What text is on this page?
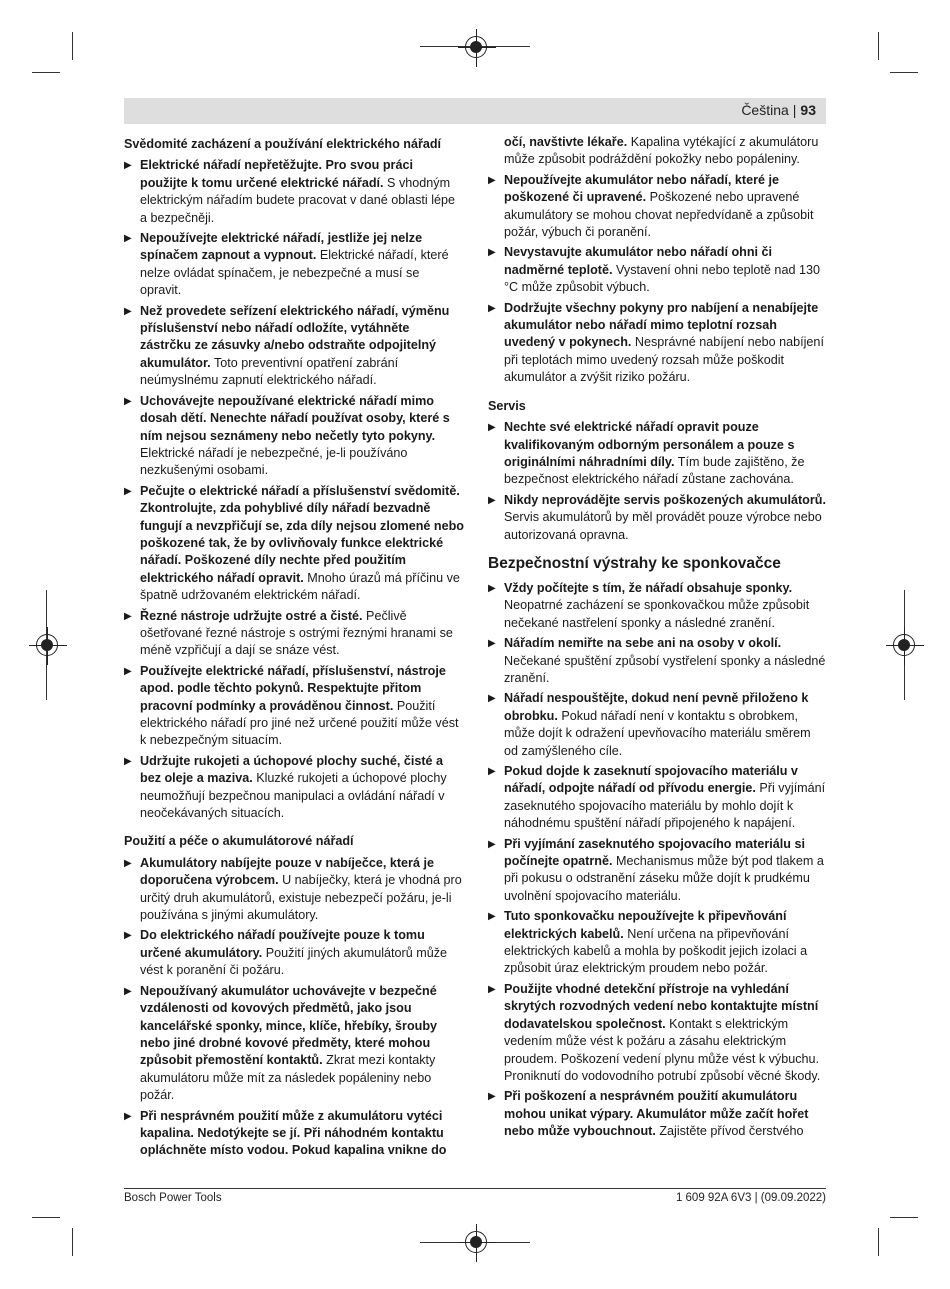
Čeština | 93
Svědomité zacházení a používání elektrického nářadí
▶ Elektrické nářadí nepřetěžujte. Pro svou práci použijte k tomu určené elektrické nářadí. S vhodným elektrickým nářadím budete pracovat v dané oblasti lépe a bezpečněji.
▶ Nepoužívejte elektrické nářadí, jestliže jej nelze spínačem zapnout a vypnout. Elektrické nářadí, které nelze ovládat spínačem, je nebezpečné a musí se opravit.
▶ Než provedete seřízení elektrického nářadí, výměnu příslušenství nebo nářadí odložíte, vytáhněte zástrčku ze zásuvky a/nebo odstraňte odpojitelný akumulátor. Toto preventivní opatření zabrání neúmyslnému zapnutí elektrického nářadí.
▶ Uchovávejte nepoužívané elektrické nářadí mimo dosah dětí. Nenechte nářadí používat osoby, které s ním nejsou seznámeny nebo nečetly tyto pokyny. Elektrické nářadí je nebezpečné, je-li používáno nezkušenými osobami.
▶ Pečujte o elektrické nářadí a příslušenství svědomitě. Zkontrolujte, zda pohyblivé díly nářadí bezvadně fungují a nevzpřičují se, zda díly nejsou zlomené nebo poškozené tak, že by ovlivňovaly funkce elektrické nářadí. Poškozené díly nechte před použitím elektrického nářadí opravit. Mnoho úrazů má příčinu ve špatně udržovaném elektrickém nářadí.
▶ Řezné nástroje udržujte ostré a čisté. Pečlivě ošetřované řezné nástroje s ostrými řeznými hranami se méně vzpřičují a dají se snáze vést.
▶ Používejte elektrické nářadí, příslušenství, nástroje apod. podle těchto pokynů. Respektujte přitom pracovní podmínky a prováděnou činnost. Použití elektrického nářadí pro jiné než určené použití může vést k nebezpečným situacím.
▶ Udržujte rukojeti a úchopové plochy suché, čisté a bez oleje a maziva. Kluzké rukojeti a úchopové plochy neumožňují bezpečnou manipulaci a ovládání nářadí v neočekávaných situacích.
Použití a péče o akumulátorové nářadí
▶ Akumulátory nabíjejte pouze v nabíječce, která je doporučena výrobcem. U nabíječky, která je vhodná pro určitý druh akumulátorů, existuje nebezpečí požáru, je-li používána s jinými akumulátory.
▶ Do elektrického nářadí používejte pouze k tomu určené akumulátory. Použití jiných akumulátorů může vést k poranění či požáru.
▶ Nepoužívaný akumulátor uchovávejte v bezpečné vzdálenosti od kovových předmětů, jako jsou kancelářské sponky, mince, klíče, hřebíky, šrouby nebo jiné drobné kovové předměty, které mohou způsobit přemostění kontaktů. Zkrat mezi kontakty akumulátoru může mít za následek popáleniny nebo požár.
▶ Při nesprávném použití může z akumulátoru vytéci kapalina. Nedotýkejte se jí. Při náhodném kontaktu opláchněte místo vodou. Pokud kapalina vnikne do
očí, navštivte lékaře. Kapalina vytékající z akumulátoru může způsobit podráždění pokožky nebo popáleniny.
▶ Nepoužívejte akumulátor nebo nářadí, které je poškozené či upravené. Poškozené nebo upravené akumulátory se mohou chovat nepředvídaně a způsobit požár, výbuch či poranění.
▶ Nevystavujte akumulátor nebo nářadí ohni či nadměrné teplotě. Vystavení ohni nebo teplotě nad 130 °C může způsobit výbuch.
▶ Dodržujte všechny pokyny pro nabíjení a nenabíjejte akumulátor nebo nářadí mimo teplotní rozsah uvedený v pokynech. Nesprávné nabíjení nebo nabíjení při teplotách mimo uvedený rozsah může poškodit akumulátor a zvýšit riziko požáru.
Servis
▶ Nechte své elektrické nářadí opravit pouze kvalifikovaným odborným personálem a pouze s originálními náhradními díly. Tím bude zajištěno, že bezpečnost elektrického nářadí zůstane zachována.
▶ Nikdy neprovádějte servis poškozených akumulátorů. Servis akumulátorů by měl provádět pouze výrobce nebo autorizovaná opravna.
Bezpečnostní výstrahy ke sponkovačce
▶ Vždy počítejte s tím, že nářadí obsahuje sponky. Neopatrné zacházení se sponkovačkou může způsobit nečekané nastřelení sponky a následné zranění.
▶ Nářadím nemiřte na sebe ani na osoby v okolí. Nečekané spuštění způsobí vystřelení sponky a následné zranění.
▶ Nářadí nespouštějte, dokud není pevně přiloženo k obrobku. Pokud nářadí není v kontaktu s obrobkem, může dojít k odražení upevňovacího materiálu směrem od zamýšleného cíle.
▶ Pokud dojde k zaseknutí spojovacího materiálu v nářadí, odpojte nářadí od přívodu energie. Při vyjímání zaseknutého spojovacího materiálu by mohlo dojít k náhodnému spuštění nářadí připojeného k napájení.
▶ Při vyjímání zaseknutého spojovacího materiálu si počínejte opatrně. Mechanismus může být pod tlakem a při pokusu o odstranění záseku může dojít k prudkému uvolnění spojovacího materiálu.
▶ Tuto sponkovačku nepoužívejte k připevňování elektrických kabelů. Není určena na připevňování elektrických kabelů a mohla by poškodit jejich izolaci a způsobit úraz elektrickým proudem nebo požár.
▶ Použijte vhodné detekční přístroje na vyhledání skrytých rozvodných vedení nebo kontaktujte místní dodavatelskou společnost. Kontakt s elektrickým vedením může vést k požáru a zásahu elektrickým proudem. Poškození vedení plynu může vést k výbuchu. Proniknutí do vodovodního potrubí způsobí věcné škody.
▶ Při poškození a nesprávném použití akumulátoru mohou unikat výpary. Akumulátor může začít hořet nebo může vybouchnout. Zajistěte přívod čerstvého
Bosch Power Tools	1 609 92A 6V3 | (09.09.2022)
